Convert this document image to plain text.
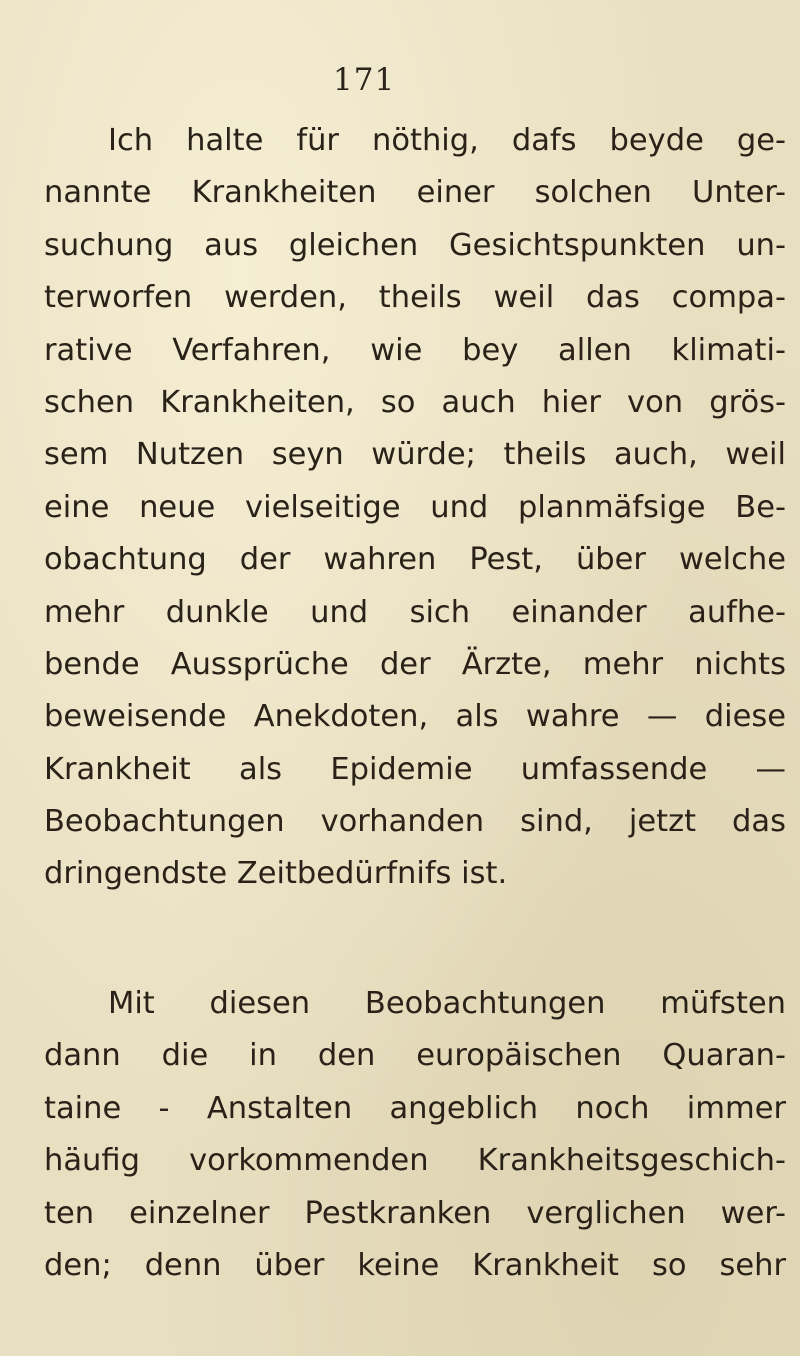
171
Ich halte für nöthig, dafs beyde ge-
nannte Krankheiten einer solchen Unter-
suchung aus gleichen Gesichtspunkten un-
terworfen werden, theils weil das compa-
rative Verfahren, wie bey allen klimati-
schen Krankheiten, so auch hier von grös-
sem Nutzen seyn würde; theils auch, weil
eine neue vielseitige und planmäfsige Be-
obachtung der wahren Pest, über welche
mehr dunkle und sich einander aufhe-
bende Aussprüche der Ärzte, mehr nichts
beweisende Anekdoten, als wahre — diese
Krankheit als Epidemie umfassende —
Beobachtungen vorhanden sind, jetzt das
dringendste Zeitbedürfnifs ist.
Mit diesen Beobachtungen müfsten
dann die in den europäischen Quaran-
taine - Anstalten angeblich noch immer
häufig vorkommenden Krankheitsgeschich-
ten einzelner Pestkranken verglichen wer-
den; denn über keine Krankheit so sehr
